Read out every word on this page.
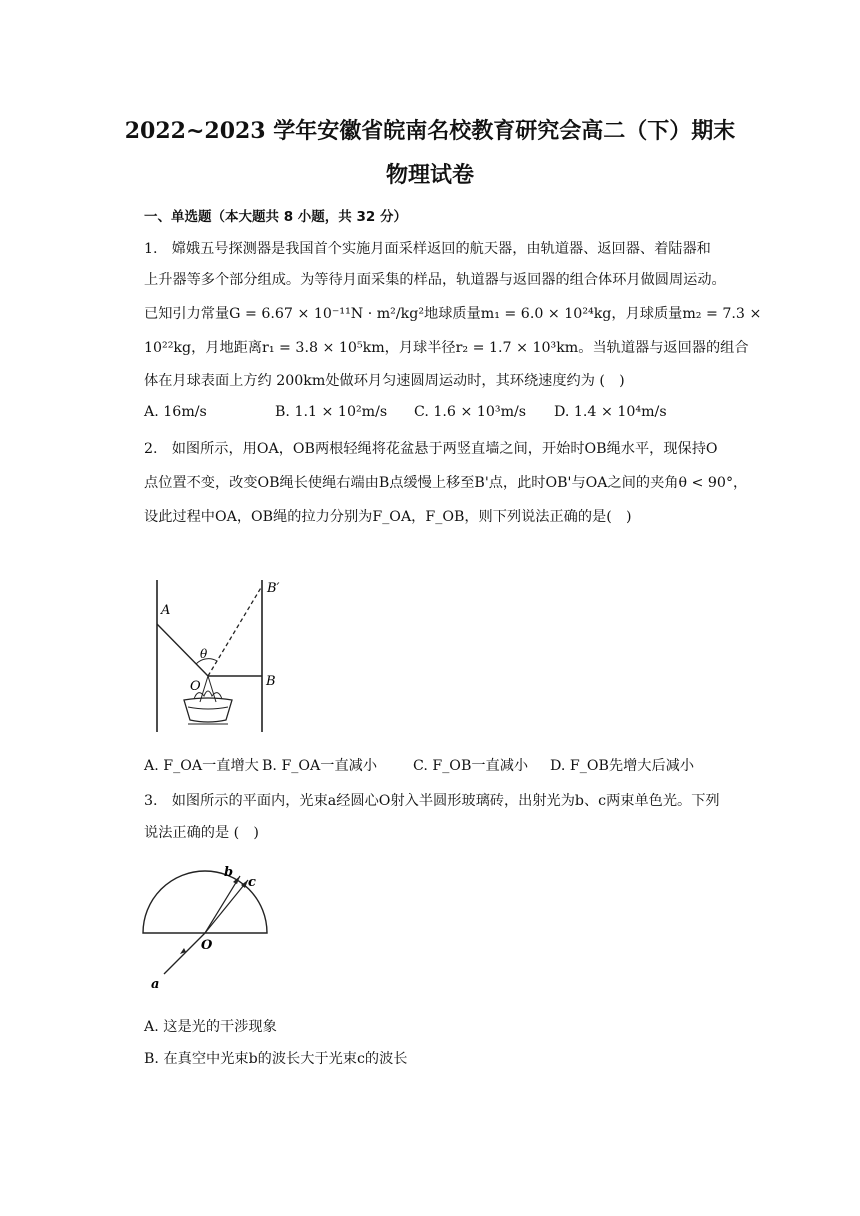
2022~2023 学年安徽省皖南名校教育研究会高二（下）期末
物理试卷
一、单选题（本大题共 8 小题，共 32 分）
1.　嫦娥五号探测器是我国首个实施月面采样返回的航天器，由轨道器、返回器、着陆器和
上升器等多个部分组成。为等待月面采集的样品，轨道器与返回器的组合体环月做圆周运动。
已知引力常量G = 6.67 × 10⁻¹¹N · m²/kg²地球质量m₁ = 6.0 × 10²⁴kg，月球质量m₂ = 7.3 ×
10²²kg，月地距离r₁ = 3.8 × 10⁵km，月球半径r₂ = 1.7 × 10³km。当轨道器与返回器的组合
体在月球表面上方约 200km处做环月匀速圆周运动时，其环绕速度约为 (　)
A. 16m/s	B. 1.1 × 10²m/s C. 1.6 × 10³m/s D. 1.4 × 10⁴m/s
2.　如图所示，用OA，OB两根轻绳将花盆悬于两竖直墙之间，开始时OB绳水平，现保持O
点位置不变，改变OB绳长使绳右端由B点缓慢上移至B'点，此时OB'与OA之间的夹角θ < 90°，
设此过程中OA，OB绳的拉力分别为F_OA，F_OB，则下列说法正确的是(　)
A
B′
B
O
θ
A. F_OA一直增大 B. F_OA一直减小	C. F_OB一直减小 D. F_OB先增大后减小
3.　如图所示的平面内，光束a经圆心O射入半圆形玻璃砖，出射光为b、c两束单色光。下列
说法正确的是 (　)
b
c
O
a
A. 这是光的干涉现象
B. 在真空中光束b的波长大于光束c的波长
